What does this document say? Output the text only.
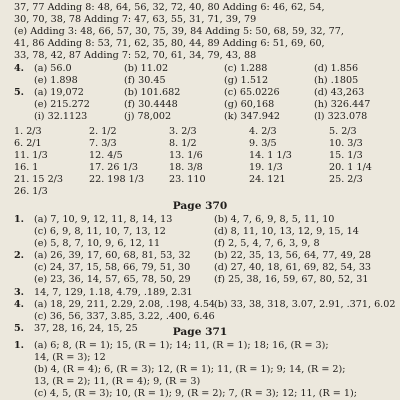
37, 77 Adding 8: 48, 64, 56, 32, 72, 40, 80 Adding 6: 46, 62, 54,
30, 70, 38, 78 Adding 7: 47, 63, 55, 31, 71, 39, 79
(e) Adding 3: 48, 66, 57, 30, 75, 39, 84 Adding 5: 50, 68, 59, 32, 77,
41, 86 Adding 8: 53, 71, 62, 35, 80, 44, 89 Adding 6: 51, 69, 60,
33, 78, 42, 87 Adding 7: 52, 70, 61, 34, 79, 43, 88
4. (a) 56.0	(b) 11.02	(c) 1.288	(d) 1.856
(e) 1.898	(f) 30.45	(g) 1.512	(h) .1805
5. (a) 19,072	(b) 101.682	(c) 65.0226	(d) 43,263
(e) 215.272	(f) 30.4448	(g) 60,168	(h) 326.447
(i) 32.1123	(j) 78,002	(k) 347.942	(l) 323.078
1. 2/3	2. 1/2	3. 2/3	4. 2/3	5. 2/3
6. 2/1	7. 3/3	8. 1/2	9. 3/5	10. 3/3
11. 1/3	12. 4/5	13. 1/6	14. 1 1/3	15. 1/3
16. 1	17. 26 1/3	18. 3/8	19. 1/3	20. 1 1/4
21. 15 2/3	22. 198 1/3	23. 110	24. 121	25. 2/3
26. 1/3
Page 370
1. (a) 7, 10, 9, 12, 11, 8, 14, 13	(b) 4, 7, 6, 9, 8, 5, 11, 10
(c) 6, 9, 8, 11, 10, 7, 13, 12	(d) 8, 11, 10, 13, 12, 9, 15, 14
(e) 5, 8, 7, 10, 9, 6, 12, 11	(f) 2, 5, 4, 7, 6, 3, 9, 8
2. (a) 26, 39, 17, 60, 68, 81, 53, 32 (b) 22, 35, 13, 56, 64, 77, 49, 28
(c) 24, 37, 15, 58, 66, 79, 51, 30 (d) 27, 40, 18, 61, 69, 82, 54, 33
(e) 23, 36, 14, 57, 65, 78, 50, 29 (f) 25, 38, 16, 59, 67, 80, 52, 31
3. 14, 7, 129, 1.18, 4.79, .189, 2.31
4. (a) 18, 29, 211, 2.29, 2.08, .198, 4.54
(b) 33, 38, 318, 3.07, 2.91, .371, 6.02
(c) 36, 56, 337, 3.85, 3.22, .400, 6.46
5. 37, 28, 16, 24, 15, 25	Page 371
1. (a) 6; 8, (R = 1); 15, (R = 1); 14; 11, (R = 1); 18; 16, (R = 3);
14, (R = 3); 12
(b) 4, (R = 4); 6, (R = 3); 12, (R = 1); 11, (R = 1); 9; 14, (R = 2);
13, (R = 2); 11, (R = 4); 9, (R = 3)
(c) 4, 5, (R = 3); 10, (R = 1); 9, (R = 2); 7, (R = 3); 12; 11, (R = 1);
